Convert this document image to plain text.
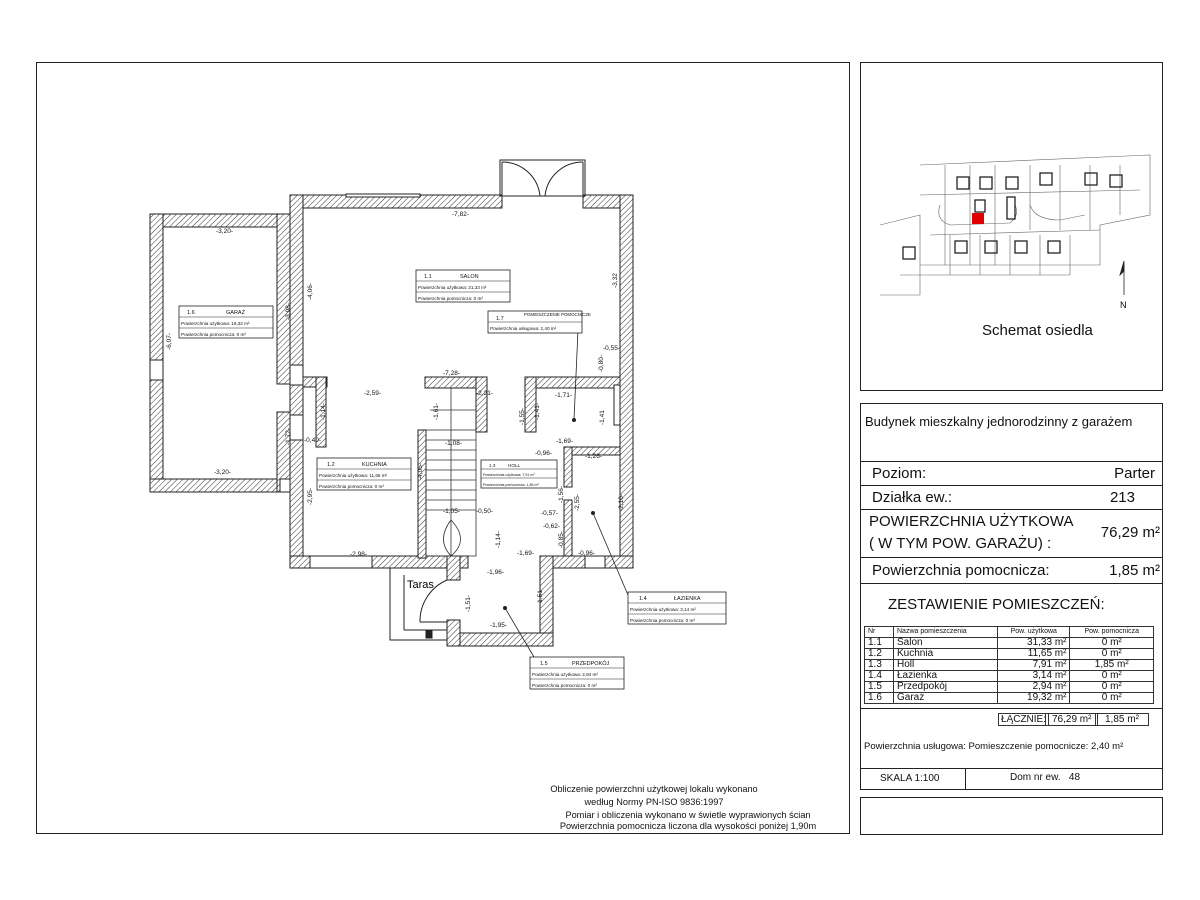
Taras
1.1	SALON
Powierzchnia użytkowa: 31,33 m²
Powierzchnia pomocnicza: 0 m²
1.6	GARAŻ
Powierzchnia użytkowa: 19,32 m²
Powierzchnia pomocnicza: 0 m²
1.7
POMIESZCZENIE POMOCNICZE
Powierzchnia usługowa: 2,40 m²
1.2	KUCHNIA
Powierzchnia użytkowa: 11,65 m²
Powierzchnia pomocnicza: 0 m²
1.3	HOLL
Powierzchnia użytkowa: 7,91 m²
Powierzchnia pomocnicza: 1,85 m²
1.4	ŁAZIENKA
Powierzchnia użytkowa: 3,14 m²
Powierzchnia pomocnicza: 0 m²
1.5	PRZEDPOKÓJ
Powierzchnia użytkowa: 2,94 m²
Powierzchnia pomocnicza: 0 m²
-3,20-
-3,20-
-6,07-
-3,98-
-4,06-
-7,82-
-3,32
-7,28-
-2,59-	-2,21-	-1,71-
-0,55-
-0,80-
-1,41-
-1,55-	-1,41
-1,69-
-0,96-	-1,26-
-1,14-
-1,72- -0,40-
-2,95-
-2,98-
-1,05- -0,50-
-1,14-
-1,96-
-1,69-	-0,96-
-1,95-
-1,51-	-1,51-
-2,55-	-2,10-
-1,56-
-0,57-
-0,62-
-0,85-
-4,05-
-1,61-
-1,08-
Obliczenie powierzchni użytkowej lokalu wykonano
według Normy PN-ISO 9836:1997
Pomiar i obliczenia wykonano w świetle wyprawionych ścian
Powierzchnia pomocnicza liczona dla wysokości poniżej 1,90m
N
Schemat osiedla
Budynek mieszkalny jednorodzinny z garażem
Poziom:	Parter
Działka ew.:	213
POWIERZCHNIA UŻYTKOWA
( W TYM POW. GARAŻU) :
76,29 m²
Powierzchnia pomocnicza:	1,85 m²
ZESTAWIENIE POMIESZCZEŃ:
Nr	Nazwa pomieszczenia	Pow. użytkowa	Pow. pomocnicza
1.1	Salon	31,33 m²	0 m²
1.2	Kuchnia	11,65 m²	0 m²
1.3	Holl	7,91 m²	1,85 m²
1.4	Łazienka	3,14 m²	0 m²
1.5	Przedpokój	2,94 m²	0 m²
1.6	Garaż	19,32 m²	0 m²
ŁĄCZNIE: 76,29 m²	1,85 m²
Powierzchnia usługowa: Pomieszczenie pomocnicze: 2,40 m²
SKALA 1:100	Dom nr ew.   48
